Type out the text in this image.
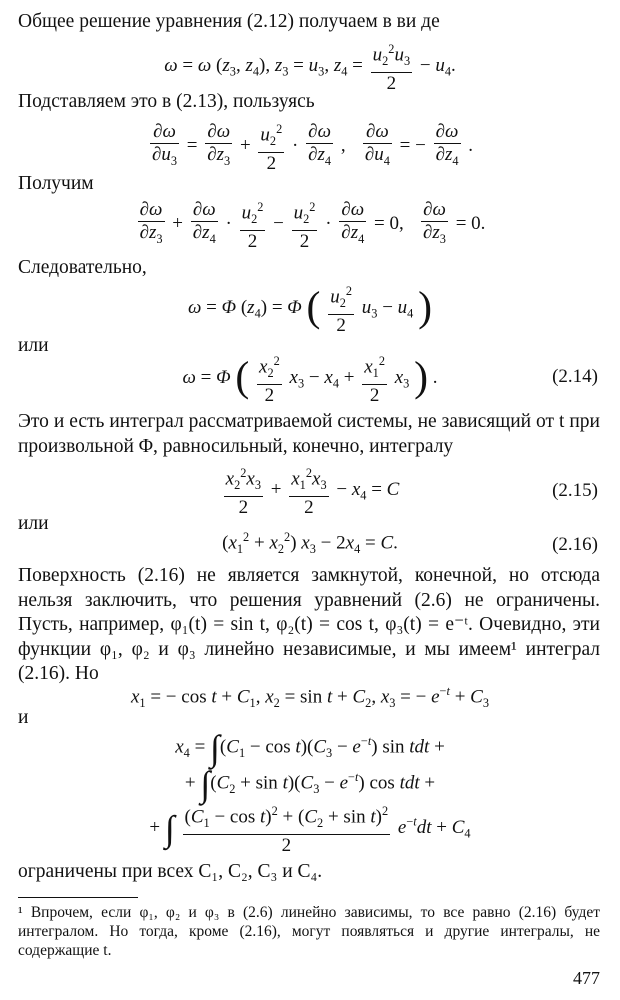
Общее решение уравнения (2.12) получаем в ви де
ω = ω ($z_3$, $z_4$), $z_3 = u_3$, $z_4 = \frac{u_2^2u_3}{2} - u_4$.
Подставляем это в (2.13), пользуясь
$\frac{\partial\omega}{\partial u_3} = \frac{\partial\omega}{\partial z_3} + \frac{u_2^2}{2} \cdot \frac{\partial\omega}{\partial z_4}$ , $\frac{\partial\omega}{\partial u_4}$ = − $\frac{\partial\omega}{\partial z_4}$ .
Получим
$\frac{\partial\omega}{\partial z_3} + \frac{\partial\omega}{\partial z_4} \cdot \frac{u_2^2}{2} - \frac{u_2^2}{2} \cdot \frac{\partial\omega}{\partial z_4} = 0$, $\frac{\partial\omega}{\partial z_3} = 0$.
Следовательно,
ω = Φ $(z_4) = \Phi$ ( $\frac{u_2^2}{2} u_3 - u_4$ )
или
ω = Φ ( $\frac{x_2^2}{2} x_3 - x_4 + \frac{x_1^2}{2} x_3$ ) .	(2.14)
Это и есть интеграл рассматриваемой системы, не зависящий от t при произвольной Φ, равносильный, конечно, интегралу
$\frac{x_2^2x_3}{2} + \frac{x_1^2x_3}{2} - x_4 = C$	(2.15)
или
$(x_1^2 + x_2^2) x_3 - 2x_4 = C$.	(2.16)
Поверхность (2.16) не является замкнутой, конечной, но отсюда нельзя заключить, что решения уравнений (2.6) не ограничены. Пусть, например, φ₁(t) = sin t, φ₂(t) = cos t, φ₃(t) = e⁻ᵗ. Очевидно, эти функции φ₁, φ₂ и φ₃ линейно независимые, и мы имеем¹ интеграл (2.16). Но
$x_1$ = − $\cos t + C_1$, $x_2 = \sin t + C_2$, $x_3$ = − $e^{-t} + C_3$
и
$x_4 = \int(C_1 - \cos t)(C_3 - e^{-t})$ sin tdt +
+ $\int(C_2 + \sin t)(C_3 - e^{-t})$ cos tdt +
+ ∫ $\frac{(C_1 - \cos t)^2 + (C_2 + \sin t)^2}{2} e^{-t}dt + C_4$
ограничены при всех C₁, C₂, C₃ и C₄.
¹ Впрочем, если φ₁, φ₂ и φ₃ в (2.6) линейно зависимы, то все равно (2.16) будет интегралом. Но тогда, кроме (2.16), могут появляться и другие интегралы, не содержащие t.
477
